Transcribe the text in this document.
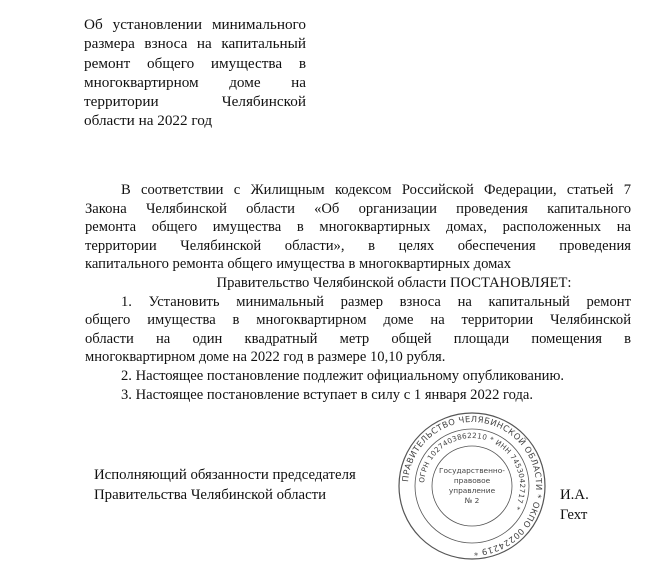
Об установлении минимального
размера взноса на капитальный
ремонт общего имущества в
многоквартирном доме на
территории Челябинской
области на 2022 год

В соответствии с Жилищным кодексом Российской Федерации, статьей 7

Закона Челябинской области «Об организации проведения капитального

ремонта общего имущества в многоквартирных домах, расположенных на

территории Челябинской области», в целях обеспечения проведения

капитального ремонта общего имущества в многоквартирных домах

Правительство Челябинской области ПОСТАНОВЛЯЕТ:

1. Установить минимальный размер взноса на капитальный ремонт

общего имущества в многоквартирном доме на территории Челябинской

области на один квадратный метр общей площади помещения в

многоквартирном доме на 2022 год в размере 10,10 рубля.

2. Настоящее постановление подлежит официальному опубликованию.

3. Настоящее постановление вступает в силу с 1 января 2022 года.

Исполняющий обязанности председателя

Правительства Челябинской области	И.А. Гехт
ПРАВИТЕЛЬСТВО ЧЕЛЯБИНСКОЙ ОБЛАСТИ * ОКПО 00224219 *
ОГРН 1027403862210 * ИНН 7453042717 *
Государственно-
правовое
управление
№ 2
